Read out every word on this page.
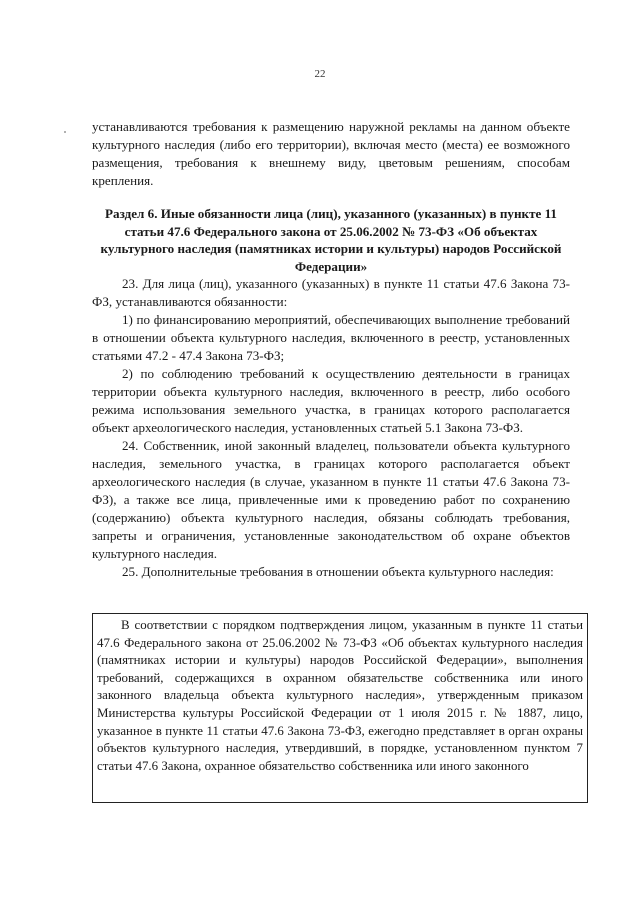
22

устанавливаются требования к размещению наружной рекламы на данном объекте культурного наследия (либо его территории), включая место (места) ее возможного размещения, требования к внешнему виду, цветовым решениям, способам крепления.

Раздел 6. Иные обязанности лица (лиц), указанного (указанных) в пункте 11 статьи 47.6 Федерального закона от 25.06.2002 № 73-ФЗ «Об объектах культурного наследия (памятниках истории и культуры) народов Российской Федерации»

23. Для лица (лиц), указанного (указанных) в пункте 11 статьи 47.6 Закона 73-ФЗ, устанавливаются обязанности:

1) по финансированию мероприятий, обеспечивающих выполнение требований в отношении объекта культурного наследия, включенного в реестр, установленных статьями 47.2 - 47.4 Закона 73-ФЗ;

2) по соблюдению требований к осуществлению деятельности в границах территории объекта культурного наследия, включенного в реестр, либо особого режима использования земельного участка, в границах которого располагается объект археологического наследия, установленных статьей 5.1 Закона 73-ФЗ.

24. Собственник, иной законный владелец, пользователи объекта культурного наследия, земельного участка, в границах которого располагается объект археологического наследия (в случае, указанном в пункте 11 статьи 47.6 Закона 73-ФЗ), а также все лица, привлеченные ими к проведению работ по сохранению (содержанию) объекта культурного наследия, обязаны соблюдать требования, запреты и ограничения, установленные законодательством об охране объектов культурного наследия.

25. Дополнительные требования в отношении объекта культурного наследия:

В соответствии с порядком подтверждения лицом, указанным в пункте 11 статьи 47.6 Федерального закона от 25.06.2002 № 73-ФЗ «Об объектах культурного наследия (памятниках истории и культуры) народов Российской Федерации», выполнения требований, содержащихся в охранном обязательстве собственника или иного законного владельца объекта культурного наследия», утвержденным приказом Министерства культуры Российской Федерации от 1 июля 2015 г. № 1887, лицо, указанное в пункте 11 статьи 47.6 Закона 73-ФЗ, ежегодно представляет в орган охраны объектов культурного наследия, утвердивший, в порядке, установленном пунктом 7 статьи 47.6 Закона, охранное обязательство собственника или иного законного
